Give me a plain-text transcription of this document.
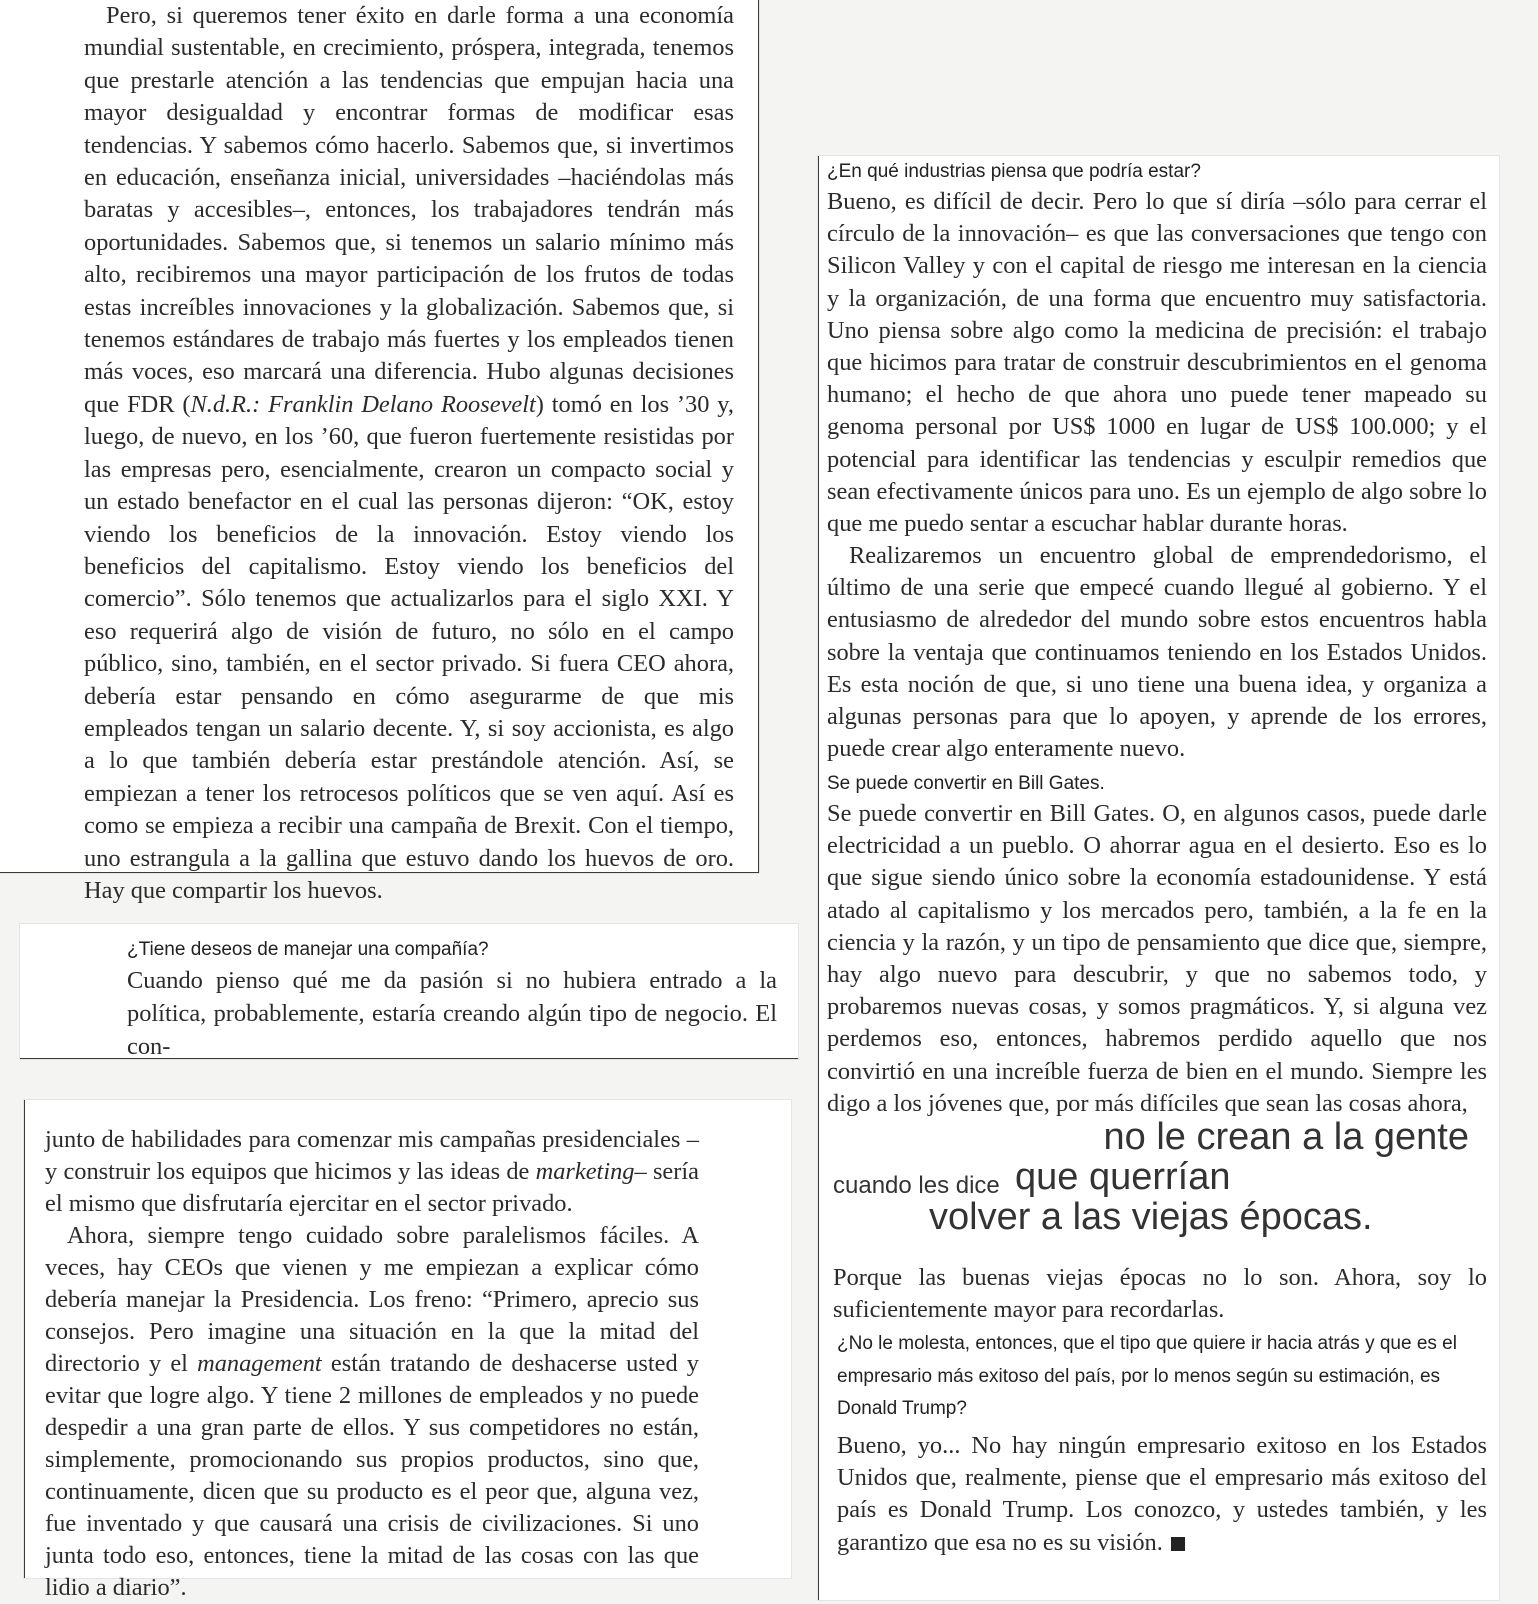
Pero, si queremos tener éxito en darle forma a una economía mundial sustentable, en crecimiento, próspera, integrada, tenemos que prestarle atención a las tendencias que empujan hacia una mayor desigualdad y encontrar formas de modificar esas tendencias. Y sabemos cómo hacerlo. Sabemos que, si invertimos en educación, enseñanza inicial, universidades –haciéndolas más baratas y accesibles–, entonces, los trabajadores tendrán más oportunidades. Sabemos que, si tenemos un salario mínimo más alto, recibiremos una mayor participación de los frutos de todas estas increíbles innovaciones y la globalización. Sabemos que, si tenemos estándares de trabajo más fuertes y los empleados tienen más voces, eso marcará una diferencia. Hubo algunas decisiones que FDR (N.d.R.: Franklin Delano Roosevelt) tomó en los ’30 y, luego, de nuevo, en los ’60, que fueron fuertemente resistidas por las empresas pero, esencialmente, crearon un compacto social y un estado benefactor en el cual las personas dijeron: “OK, estoy viendo los beneficios de la innovación. Estoy viendo los beneficios del capitalismo. Estoy viendo los beneficios del comercio”. Sólo tenemos que actualizarlos para el siglo XXI. Y eso requerirá algo de visión de futuro, no sólo en el campo público, sino, también, en el sector privado. Si fuera CEO ahora, debería estar pensando en cómo asegurarme de que mis empleados tengan un salario decente. Y, si soy accionista, es algo a lo que también debería estar prestándole atención. Así, se empiezan a tener los retrocesos políticos que se ven aquí. Así es como se empieza a recibir una campaña de Brexit. Con el tiempo, uno estrangula a la gallina que estuvo dando los huevos de oro. Hay que compartir los huevos.

¿Tiene deseos de manejar una compañía?

Cuando pienso qué me da pasión si no hubiera entrado a la política, probablemente, estaría creando algún tipo de negocio. El con-

junto de habilidades para comenzar mis campañas presidenciales –y construir los equipos que hicimos y las ideas de marketing– sería el mismo que disfrutaría ejercitar en el sector privado.

Ahora, siempre tengo cuidado sobre paralelismos fáciles. A veces, hay CEOs que vienen y me empiezan a explicar cómo debería manejar la Presidencia. Los freno: “Primero, aprecio sus consejos. Pero imagine una situación en la que la mitad del directorio y el management están tratando de deshacerse usted y evitar que logre algo. Y tiene 2 millones de empleados y no puede despedir a una gran parte de ellos. Y sus competidores no están, simplemente, promocionando sus propios productos, sino que, continuamente, dicen que su producto es el peor que, alguna vez, fue inventado y que causará una crisis de civilizaciones. Si uno junta todo eso, entonces, tiene la mitad de las cosas con las que lidio a diario”.

¿En qué industrias piensa que podría estar?

Bueno, es difícil de decir. Pero lo que sí diría –sólo para cerrar el círculo de la innovación– es que las conversaciones que tengo con Silicon Valley y con el capital de riesgo me interesan en la ciencia y la organización, de una forma que encuentro muy satisfactoria. Uno piensa sobre algo como la medicina de precisión: el trabajo que hicimos para tratar de construir descubrimientos en el genoma humano; el hecho de que ahora uno puede tener mapeado su genoma personal por US$ 1000 en lugar de US$ 100.000; y el potencial para identificar las tendencias y esculpir remedios que sean efectivamente únicos para uno. Es un ejemplo de algo sobre lo que me puedo sentar a escuchar hablar durante horas.

Realizaremos un encuentro global de emprendedorismo, el último de una serie que empecé cuando llegué al gobierno. Y el entusiasmo de alrededor del mundo sobre estos encuentros habla sobre la ventaja que continuamos teniendo en los Estados Unidos. Es esta noción de que, si uno tiene una buena idea, y organiza a algunas personas para que lo apoyen, y aprende de los errores, puede crear algo enteramente nuevo.

Se puede convertir en Bill Gates.

Se puede convertir en Bill Gates. O, en algunos casos, puede darle electricidad a un pueblo. O ahorrar agua en el desierto. Eso es lo que sigue siendo único sobre la economía estadounidense. Y está atado al capitalismo y los mercados pero, también, a la fe en la ciencia y la razón, y un tipo de pensamiento que dice que, siempre, hay algo nuevo para descubrir, y que no sabemos todo, y probaremos nuevas cosas, y somos pragmáticos. Y, si alguna vez perdemos eso, entonces, habremos perdido aquello que nos convirtió en una increíble fuerza de bien en el mundo. Siempre les digo a los jóvenes que, por más difíciles que sean las cosas ahora,

no le crean a la gente
cuando les dice que querrían
volver a las viejas épocas.

Porque las buenas viejas épocas no lo son. Ahora, soy lo suficientemente mayor para recordarlas.

¿No le molesta, entonces, que el tipo que quiere ir hacia atrás y que es el empresario más exitoso del país, por lo menos según su estimación, es Donald Trump?

Bueno, yo... No hay ningún empresario exitoso en los Estados Unidos que, realmente, piense que el empresario más exitoso del país es Donald Trump. Los conozco, y ustedes también, y les garantizo que esa no es su visión.
